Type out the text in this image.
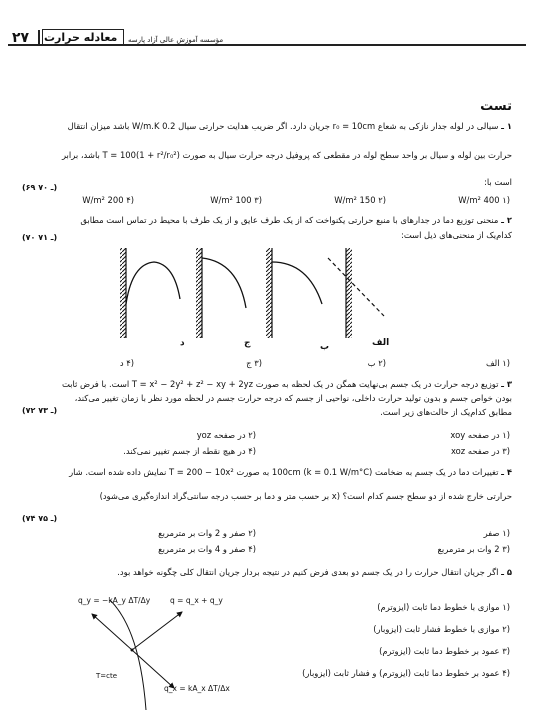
۲۷ معادله حرارت مؤسسه آموزش عالی آزاد پارسه
تست
۱ ـ سیالی در لوله جدار نازکی به شعاع r₀ = 10cm جریان دارد. اگر ضریب هدایت حرارتی سیال W/m.K 0.2 باشد میزان انتقال
حرارت بین لوله و سیال بر واحد سطح لوله در مقطعی که پروفیل درجه حرارت سیال به صورت T = 100(1 + r²/r₀²) باشد، برابر
است با:
(۶۹ ـ ۷۰)
(۱ 400 W/m²
(۲ 150 W/m²
(۳ 100 W/m²
(۴ 200 W/m²
۲ ـ منحنی توزیع دما در جدارهای با منبع حرارتی یکنواخت که از یک طرف عایق و از یک طرف با محیط در تماس است مطابق
کدام‌یک از منحنی‌های ذیل است:
(۷۰ ـ ۷۱)
د	ج	ب	الف
(۱ الف
(۲ ب
(۳ ج
(۴ د
۳ ـ توزیع درجه حرارت در یک جسم بی‌نهایت همگن در یک لحظه به صورت T = x² − 2y² + z² − xy + 2yz است. با فرض ثابت
بودن خواص جسم و بدون تولید حرارت داخلی، نواحیی از جسم که درجه حرارت جسم در لحظه مورد نظر با زمان تغییر می‌کند،
مطابق کدام‌یک از حالت‌های زیر است.
(۷۲ ـ ۷۳)
(۱ در صفحه xoy
(۲ در صفحه yoz
(۳ در صفحه xoz
(۴ در هیچ نقطه از جسم تغییر نمی‌کند.
۴ ـ تغییرات دما در یک جسم به ضخامت 100cm (k = 0.1 W/m°C) به صورت T = 200 − 10x² نمایش داده شده است. شار
حرارتی خارج شده از دو سطح جسم کدام است؟ (x بر حسب متر و دما بر حسب درجه سانتی‌گراد اندازه‌گیری می‌شود)
(۷۴ ـ ۷۵)
(۱ صفر
(۲ صفر و 2 وات بر مترمربع
(۳ 2 وات بر مترمربع
(۴ صفر و 4 وات بر مترمربع
۵ ـ اگر جریان انتقال حرارت را در یک جسم دو بعدی فرض کنیم در نتیجه بردار جریان انتقال کلی چگونه خواهد بود.
(۱ موازی با خطوط دما ثابت (ایزوترم)
(۲ موازی با خطوط فشار ثابت (ایزوبار)
(۳ عمود بر خطوط دما ثابت (ایزوترم)
(۴ عمود بر خطوط دما ثابت (ایزوترم) و فشار ثابت (ایزوبار)
q_y = −kA_y ΔT/Δy	q = q_x + q_y
q_x = kA_x ΔT/Δx
T=cte
